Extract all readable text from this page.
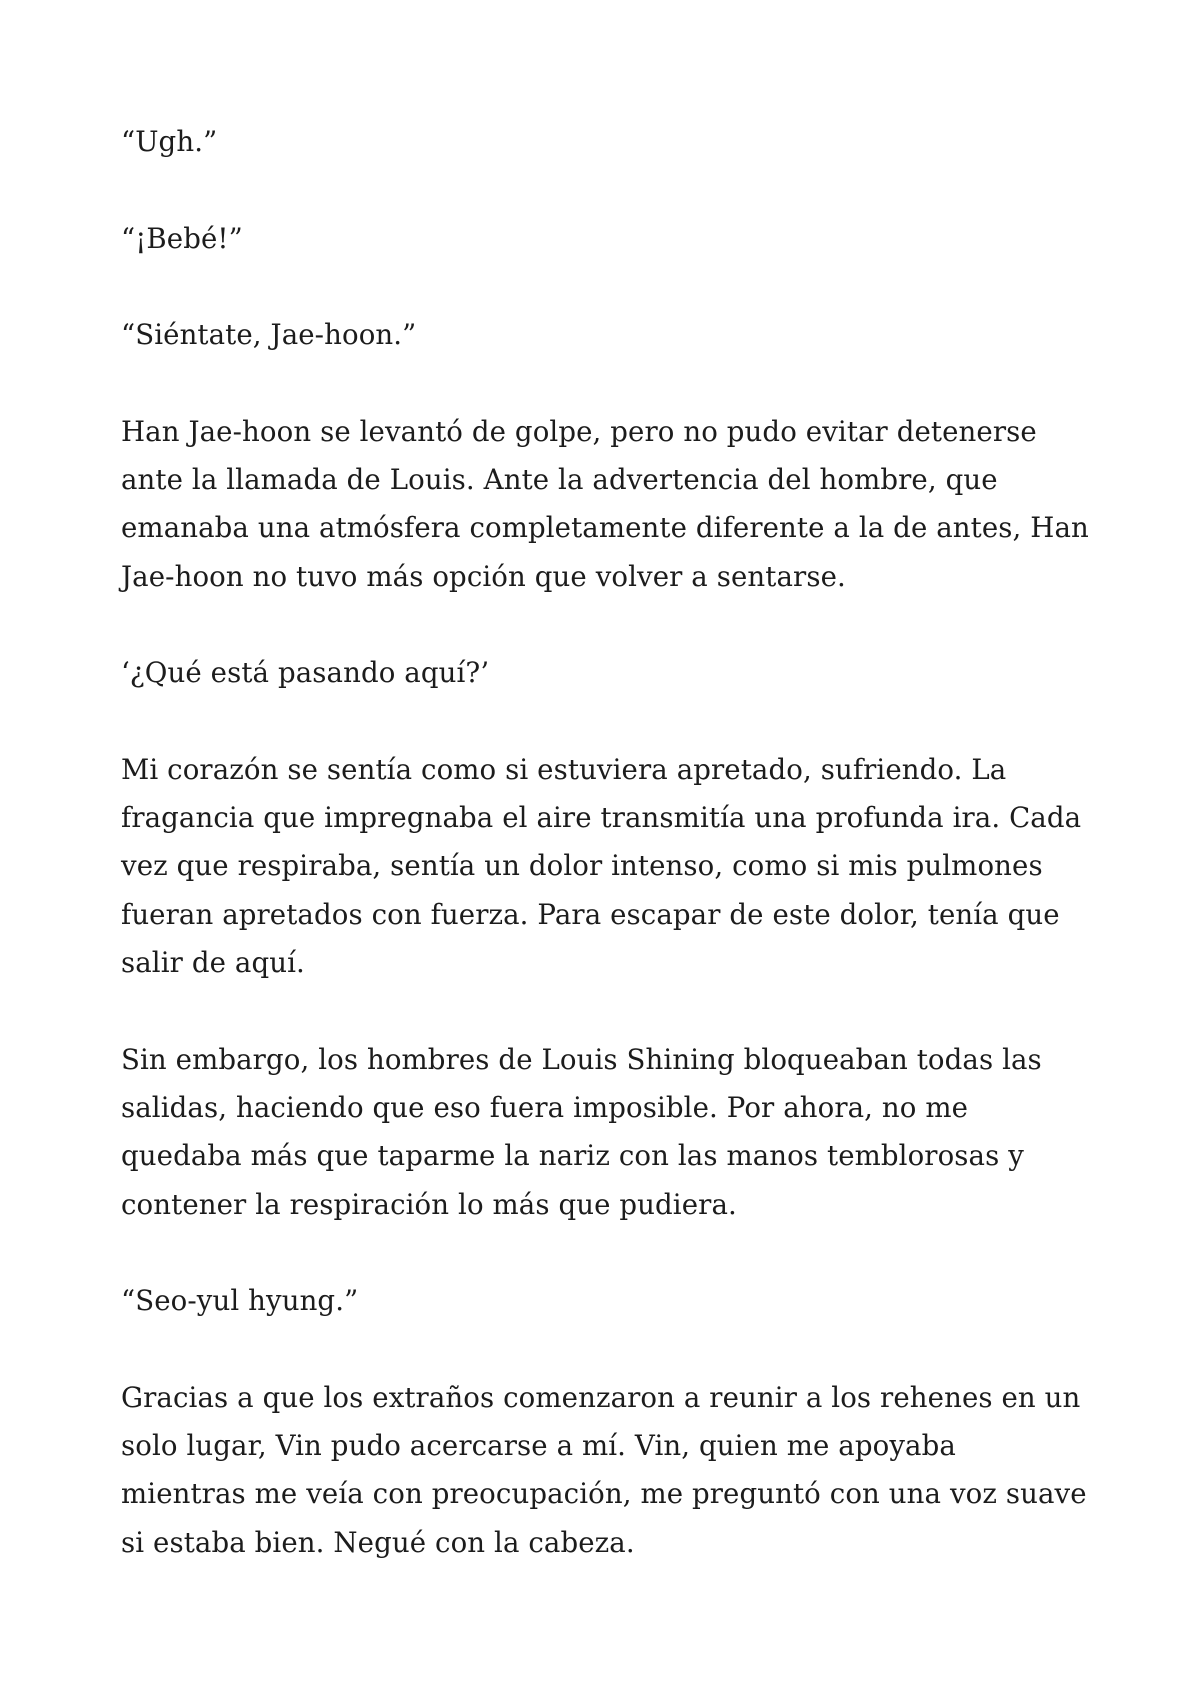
“Ugh.”

“¡Bebé!”

“Siéntate, Jae-hoon.”

Han Jae-hoon se levantó de golpe, pero no pudo evitar detenerse ante la llamada de Louis. Ante la advertencia del hombre, que emanaba una atmósfera completamente diferente a la de antes, Han Jae-hoon no tuvo más opción que volver a sentarse.

‘¿Qué está pasando aquí?’

Mi corazón se sentía como si estuviera apretado, sufriendo. La fragancia que impregnaba el aire transmitía una profunda ira. Cada vez que respiraba, sentía un dolor intenso, como si mis pulmones fueran apretados con fuerza. Para escapar de este dolor, tenía que salir de aquí.

Sin embargo, los hombres de Louis Shining bloqueaban todas las salidas, haciendo que eso fuera imposible. Por ahora, no me quedaba más que taparme la nariz con las manos temblorosas y contener la respiración lo más que pudiera.

“Seo-yul hyung.”

Gracias a que los extraños comenzaron a reunir a los rehenes en un solo lugar, Vin pudo acercarse a mí. Vin, quien me apoyaba mientras me veía con preocupación, me preguntó con una voz suave si estaba bien. Negué con la cabeza.
